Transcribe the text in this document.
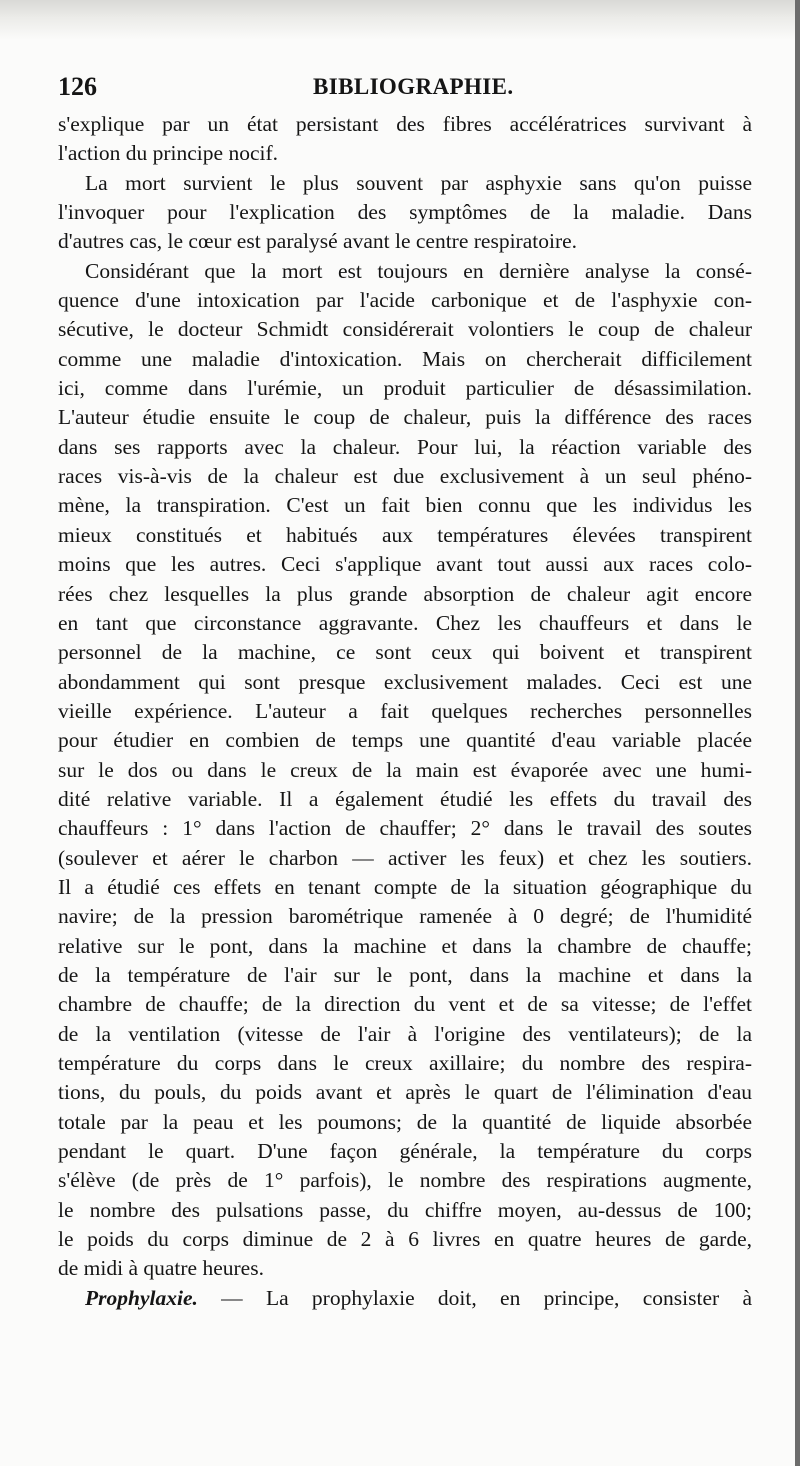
126	BIBLIOGRAPHIE.
s'explique par un état persistant des fibres accélératrices survivant à
l'action du principe nocif.
La mort survient le plus souvent par asphyxie sans qu'on puisse
l'invoquer pour l'explication des symptômes de la maladie. Dans
d'autres cas, le cœur est paralysé avant le centre respiratoire.
Considérant que la mort est toujours en dernière analyse la consé-
quence d'une intoxication par l'acide carbonique et de l'asphyxie con-
sécutive, le docteur Schmidt considérerait volontiers le coup de chaleur
comme une maladie d'intoxication. Mais on chercherait difficilement
ici, comme dans l'urémie, un produit particulier de désassimilation.
L'auteur étudie ensuite le coup de chaleur, puis la différence des races
dans ses rapports avec la chaleur. Pour lui, la réaction variable des
races vis-à-vis de la chaleur est due exclusivement à un seul phéno-
mène, la transpiration. C'est un fait bien connu que les individus les
mieux constitués et habitués aux températures élevées transpirent
moins que les autres. Ceci s'applique avant tout aussi aux races colo-
rées chez lesquelles la plus grande absorption de chaleur agit encore
en tant que circonstance aggravante. Chez les chauffeurs et dans le
personnel de la machine, ce sont ceux qui boivent et transpirent
abondamment qui sont presque exclusivement malades. Ceci est une
vieille expérience. L'auteur a fait quelques recherches personnelles
pour étudier en combien de temps une quantité d'eau variable placée
sur le dos ou dans le creux de la main est évaporée avec une humi-
dité relative variable. Il a également étudié les effets du travail des
chauffeurs : 1° dans l'action de chauffer; 2° dans le travail des soutes
(soulever et aérer le charbon — activer les feux) et chez les soutiers.
Il a étudié ces effets en tenant compte de la situation géographique du
navire; de la pression barométrique ramenée à 0 degré; de l'humidité
relative sur le pont, dans la machine et dans la chambre de chauffe;
de la température de l'air sur le pont, dans la machine et dans la
chambre de chauffe; de la direction du vent et de sa vitesse; de l'effet
de la ventilation (vitesse de l'air à l'origine des ventilateurs); de la
température du corps dans le creux axillaire; du nombre des respira-
tions, du pouls, du poids avant et après le quart de l'élimination d'eau
totale par la peau et les poumons; de la quantité de liquide absorbée
pendant le quart. D'une façon générale, la température du corps
s'élève (de près de 1° parfois), le nombre des respirations augmente,
le nombre des pulsations passe, du chiffre moyen, au-dessus de 100;
le poids du corps diminue de 2 à 6 livres en quatre heures de garde,
de midi à quatre heures.
Prophylaxie. — La prophylaxie doit, en principe, consister à
